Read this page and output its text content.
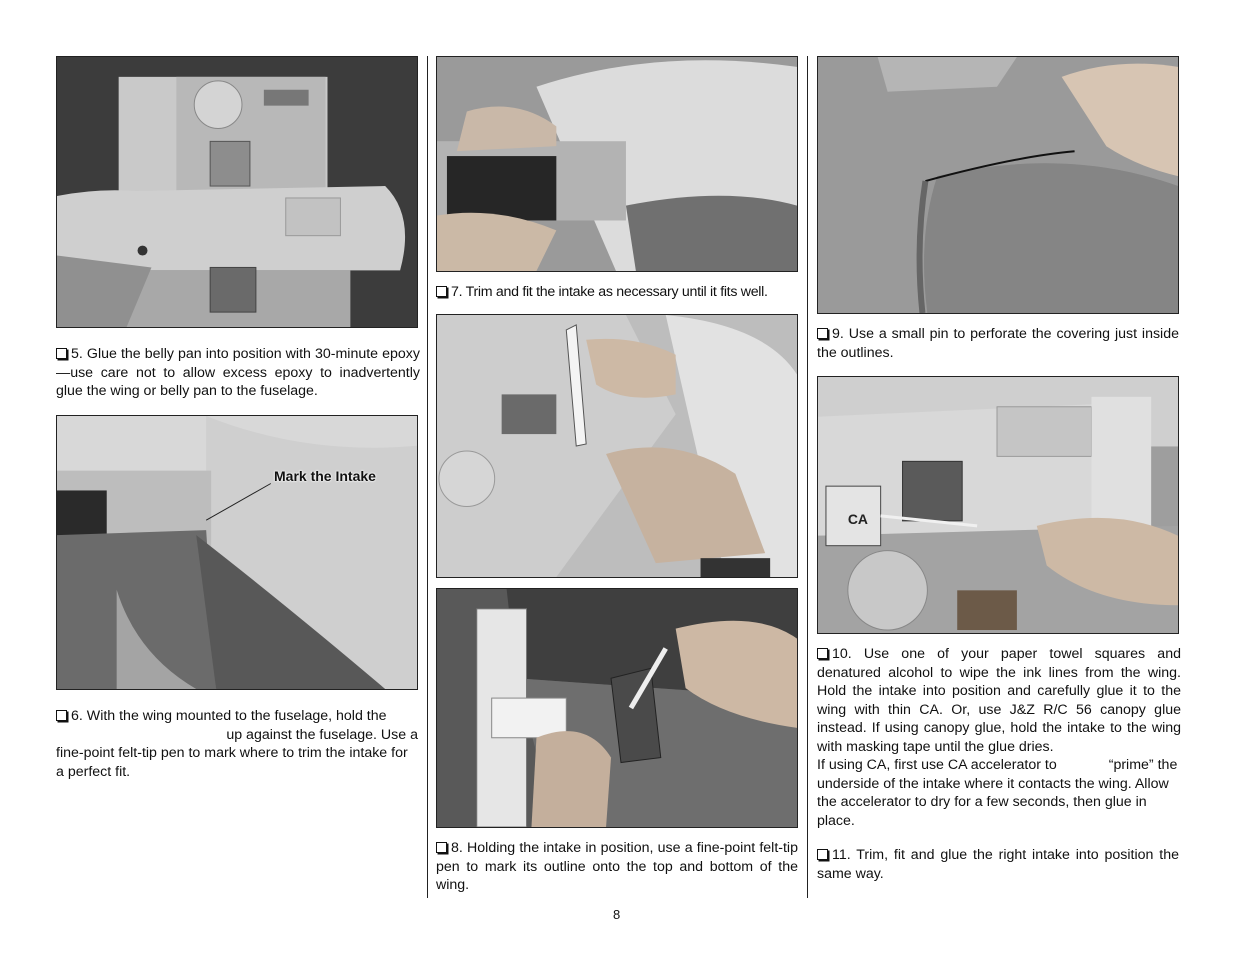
5. Glue the belly pan into position with 30-minute epoxy—use care not to allow excess epoxy to inadvertently glue the wing or belly pan to the fuselage.

Mark the Intake

6. With the wing mounted to the fuselage, hold the

up against the fuselage. Use a

fine-point felt-tip pen to mark where to trim the intake for a perfect fit.

7. Trim and fit the intake as necessary until it fits well.

8. Holding the intake in position, use a fine-point felt-tip pen to mark its outline onto the top and bottom of the wing.

9. Use a small pin to perforate the covering just inside the outlines.

CA

10. Use one of your paper towel squares and denatured alcohol to wipe the ink lines from the wing. Hold the intake into position and carefully glue it to the wing with thin CA. Or, use J&Z R/C 56 canopy glue instead. If using canopy glue, hold the intake to the wing with masking tape until the glue dries.

If using CA, first use CA accelerator to	“prime” the underside of the intake where it contacts the wing. Allow the accelerator to dry for a few seconds, then glue in place.

11. Trim, fit and glue the right intake into position the same way.

8
